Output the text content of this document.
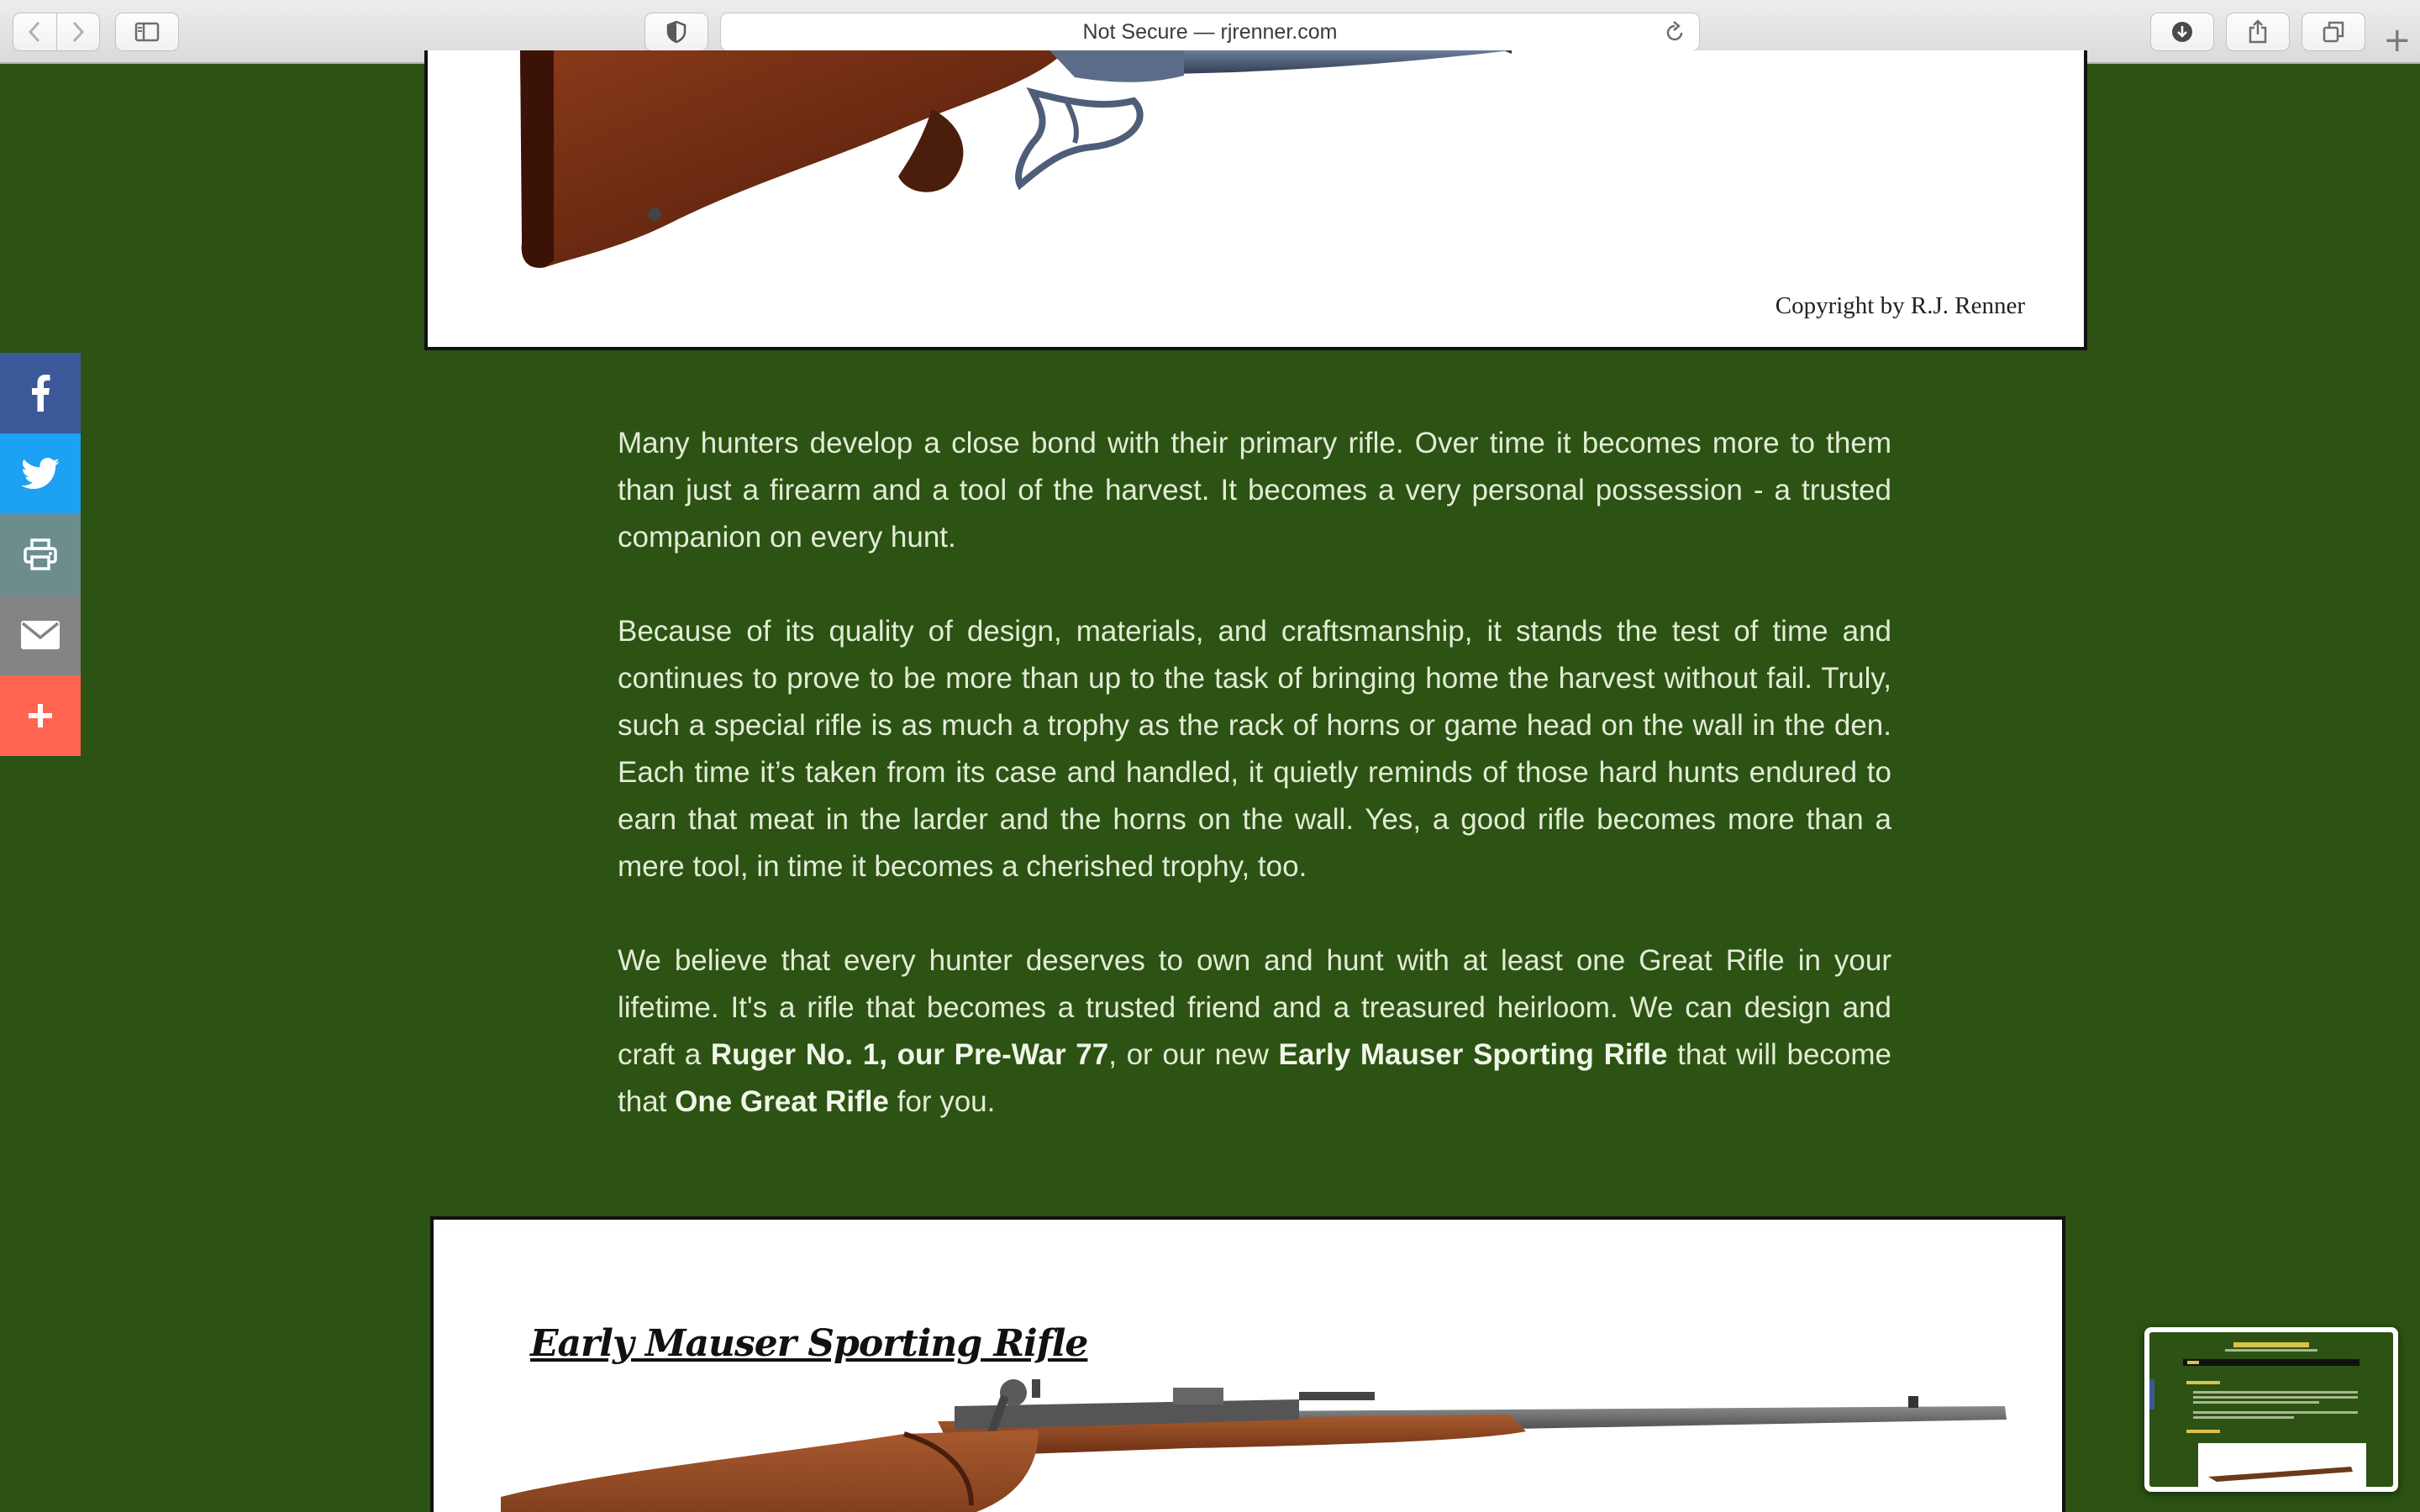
Not Secure — rjrenner.com	+
Copyright by R.J. Renner

Many hunters develop a close bond with their primary rifle. Over time it becomes more to them than just a firearm and a tool of the harvest. It becomes a very personal possession - a trusted companion on every hunt.

Because of its quality of design, materials, and craftsmanship, it stands the test of time and continues to prove to be more than up to the task of bringing home the harvest without fail. Truly, such a special rifle is as much a trophy as the rack of horns or game head on the wall in the den. Each time it’s taken from its case and handled, it quietly reminds of those hard hunts endured to earn that meat in the larder and the horns on the wall. Yes, a good rifle becomes more than a mere tool, in time it becomes a cherished trophy, too.

We believe that every hunter deserves to own and hunt with at least one Great Rifle in your lifetime. It's a rifle that becomes a trusted friend and a treasured heirloom. We can design and craft a Ruger No. 1, our Pre-War 77, or our new Early Mauser Sporting Rifle that will become that One Great Rifle for you.

Early Mauser Sporting Rifle
